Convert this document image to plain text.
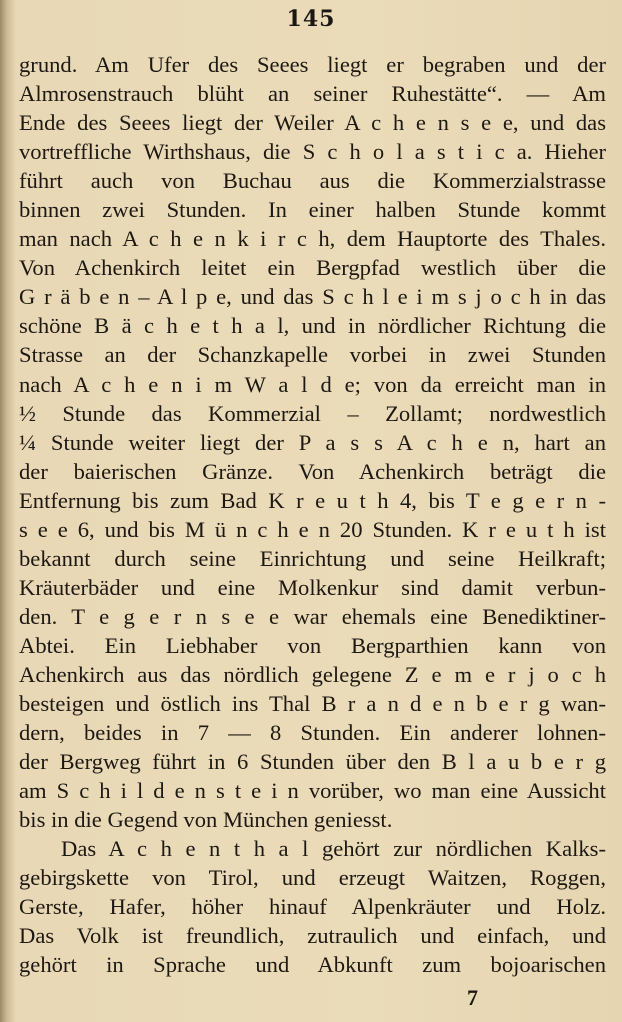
145
grund. Am Ufer des Seees liegt er begraben und der
Almrosenstrauch blüht an seiner Ruhestätte“. — Am
Ende des Seees liegt der Weiler A c h e n s e e, und das
vortreffliche Wirthshaus, die S c h o l a s t i c a. Hieher
führt auch von Buchau aus die Kommerzialstrasse
binnen zwei Stunden. In einer halben Stunde kommt
man nach A c h e n k i r c h, dem Hauptorte des Thales.
Von Achenkirch leitet ein Bergpfad westlich über die
G r ä b e n – A l p e, und das S c h l e i m s j o c h in das
schöne B ä c h e t h a l, und in nördlicher Richtung die
Strasse an der Schanzkapelle vorbei in zwei Stunden
nach A c h e n i m W a l d e; von da erreicht man in
½ Stunde das Kommerzial – Zollamt; nordwestlich
¼ Stunde weiter liegt der P a s s A c h e n, hart an
der baierischen Gränze. Von Achenkirch beträgt die
Entfernung bis zum Bad K r e u t h 4, bis T e g e r n -
s e e 6, und bis M ü n c h e n 20 Stunden. K r e u t h ist
bekannt durch seine Einrichtung und seine Heilkraft;
Kräuterbäder und eine Molkenkur sind damit verbun-
den. T e g e r n s e e war ehemals eine Benediktiner-
Abtei. Ein Liebhaber von Bergparthien kann von
Achenkirch aus das nördlich gelegene Z e m e r j o c h
besteigen und östlich ins Thal B r a n d e n b e r g wan-
dern, beides in 7 — 8 Stunden. Ein anderer lohnen-
der Bergweg führt in 6 Stunden über den B l a u b e r g
am S c h i l d e n s t e i n vorüber, wo man eine Aussicht
bis in die Gegend von München geniesst.
Das A c h e n t h a l gehört zur nördlichen Kalks-
gebirgskette von Tirol, und erzeugt Waitzen, Roggen,
Gerste, Hafer, höher hinauf Alpenkräuter und Holz.
Das Volk ist freundlich, zutraulich und einfach, und
gehört in Sprache und Abkunft zum bojoarischen
7
